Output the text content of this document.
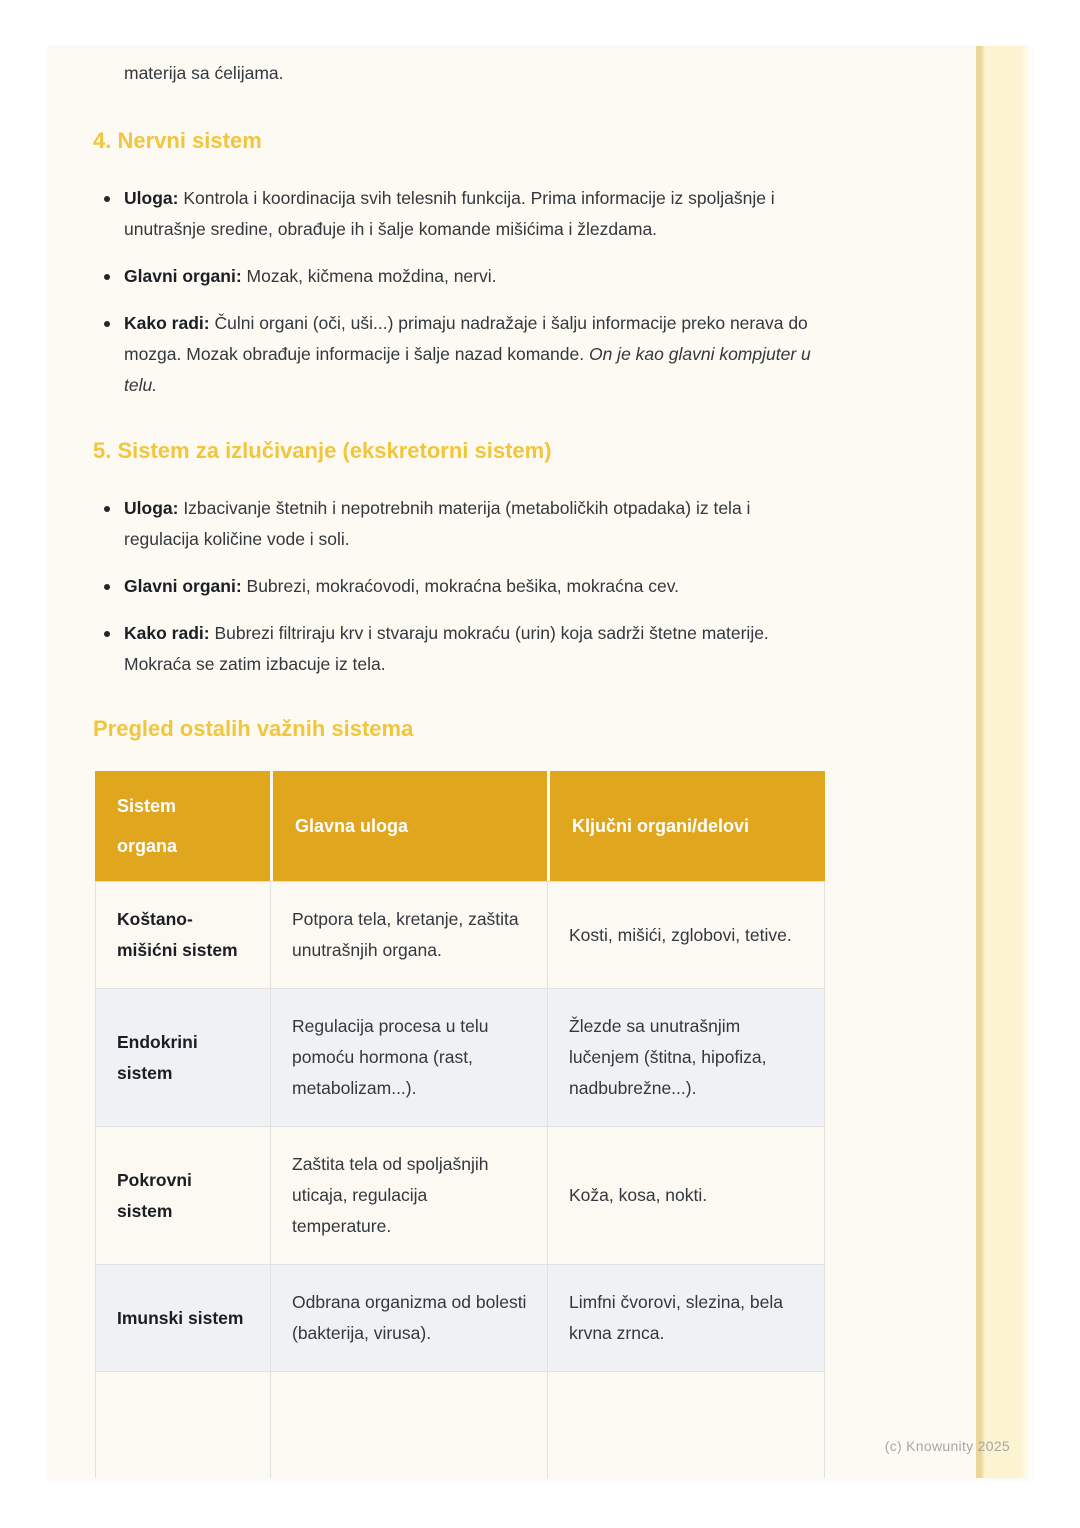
materija sa ćelijama.

4. Nervni sistem
Uloga: Kontrola i koordinacija svih telesnih funkcija. Prima informacije iz spoljašnje i unutrašnje sredine, obrađuje ih i šalje komande mišićima i žlezdama.
Glavni organi: Mozak, kičmena moždina, nervi.
Kako radi: Čulni organi (oči, uši...) primaju nadražaje i šalju informacije preko nerava do mozga. Mozak obrađuje informacije i šalje nazad komande. On je kao glavni kompjuter u telu.
5. Sistem za izlučivanje (ekskretorni sistem)
Uloga: Izbacivanje štetnih i nepotrebnih materija (metaboličkih otpadaka) iz tela i regulacija količine vode i soli.
Glavni organi: Bubrezi, mokraćovodi, mokraćna bešika, mokraćna cev.
Kako radi: Bubrezi filtriraju krv i stvaraju mokraću (urin) koja sadrži štetne materije. Mokraća se zatim izbacuje iz tela.
Pregled ostalih važnih sistema
Sistem organa	Glavna uloga	Ključni organi/delovi
Koštano-mišićni sistem	Potpora tela, kretanje, zaštita unutrašnjih organa.	Kosti, mišići, zglobovi, tetive.
Endokrini sistem	Regulacija procesa u telu pomoću hormona (rast, metabolizam...).	Žlezde sa unutrašnjim lučenjem (štitna, hipofiza, nadbubrežne...).
Pokrovni sistem	Zaštita tela od spoljašnjih uticaja, regulacija temperature.	Koža, kosa, nokti.
Imunski sistem	Odbrana organizma od bolesti (bakterija, virusa).	Limfni čvorovi, slezina, bela krvna zrnca.

(c) Knowunity 2025
